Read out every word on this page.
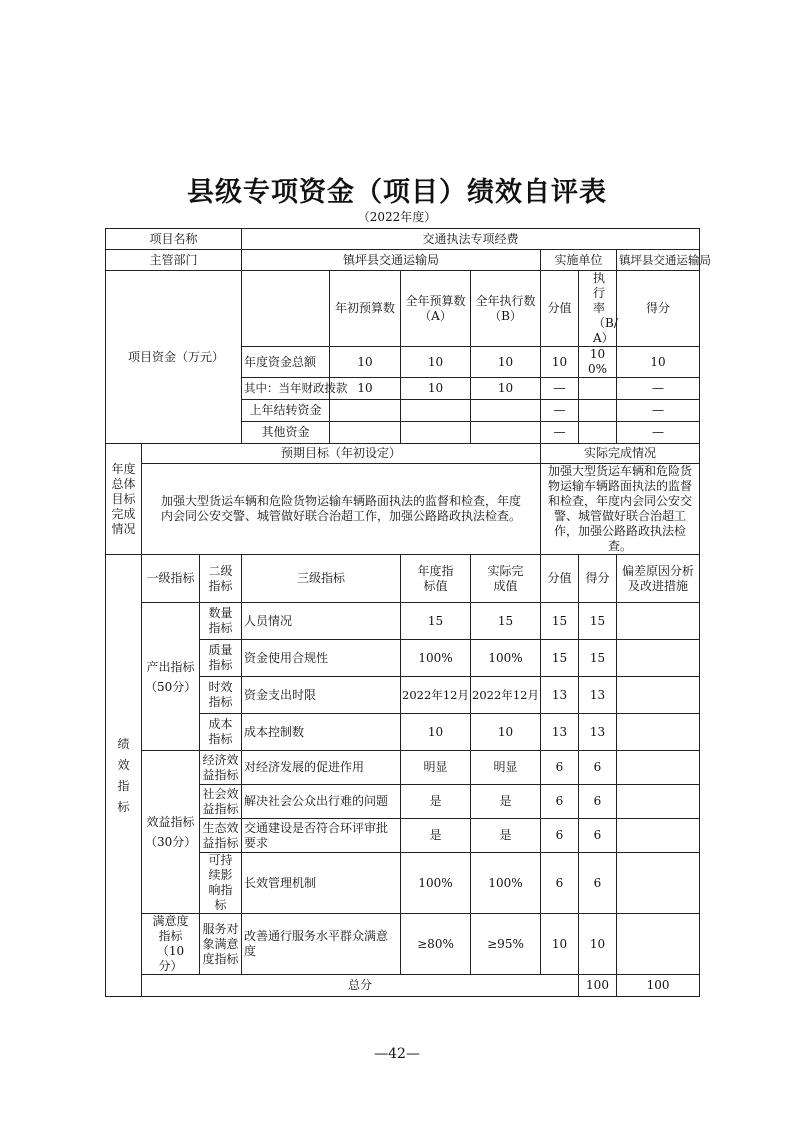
县级专项资金（项目）绩效自评表
（2022年度）
项目名称			交通执法专项经费							
主管部门			镇坪县交通运输局				实施单位		镇坪县交通运输局	
项目资金（万元）				年初预算数	全年预算数（A）	全年执行数（B）	分值	执行率（B/A）	得分	
			年度资金总额	10	10	10	10	100%	10	
			其中：当年财政拨款	10	10	10	—		—	
			上年结转资金				—		—	
			其他资金				—		—	
年度总体目标完成情况	预期目标（年初设定）						实际完成情况			
	加强大型货运车辆和危险货物运输车辆路面执法的监督和检查，年度内会同公安交警、城管做好联合治超工作，加强公路路政执法检查。						加强大型货运车辆和危险货物运输车辆路面执法的监督和检查，年度内会同公安交警、城管做好联合治超工作，加强公路路政执法检查。			
绩效指标	一级指标	二级指标	三级指标		年度指标值	实际完成值	分值	得分	偏差原因分析及改进措施	
	产出指标（50分）	数量指标	人员情况		15	15	15	15		
		质量指标	资金使用合规性		100%	100%	15	15		
		时效指标	资金支出时限		2022年12月	2022年12月	13	13		
		成本指标	成本控制数		10	10	13	13		
	效益指标（30分）	经济效益指标	对经济发展的促进作用		明显	明显	6	6		
		社会效益指标	解决社会公众出行难的问题		是	是	6	6		
		生态效益指标	交通建设是否符合环评审批要求		是	是	6	6		
		可持续影响指标	长效管理机制		100%	100%	6	6		
	满意度指标（10分）	服务对象满意度指标	改善通行服务水平群众满意度		≥80%	≥95%	10	10		
	总分							100	100	
—42—
